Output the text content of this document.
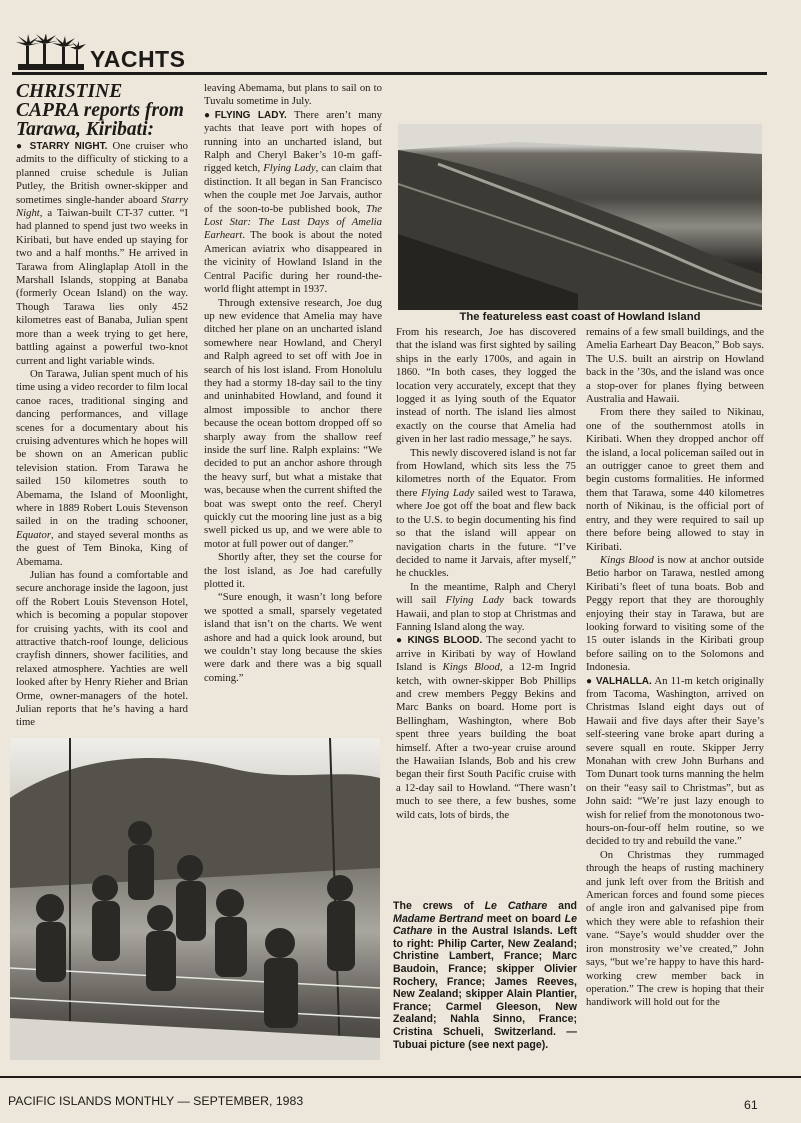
YACHTS
CHRISTINE CAPRA reports from Tarawa, Kiribati:

● STARRY NIGHT. One cruiser who admits to the difficulty of sticking to a planned cruise schedule is Julian Putley, the British owner-skipper and sometimes single-hander aboard Starry Night, a Taiwan-built CT-37 cutter. “I had planned to spend just two weeks in Kiribati, but have ended up staying for two and a half months.” He arrived in Tarawa from Alinglaplap Atoll in the Marshall Islands, stopping at Banaba (formerly Ocean Island) on the way. Though Tarawa lies only 452 kilometres east of Banaba, Julian spent more than a week trying to get here, battling against a powerful two-knot current and light variable winds.

On Tarawa, Julian spent much of his time using a video recorder to film local canoe races, traditional singing and dancing performances, and village scenes for a documentary about his cruising adventures which he hopes will be shown on an American public television station. From Tarawa he sailed 150 kilometres south to Abemama, the Island of Moonlight, where in 1889 Robert Louis Stevenson sailed in on the trading schooner, Equator, and stayed several months as the guest of Tem Binoka, King of Abemama.

Julian has found a comfortable and secure anchorage inside the lagoon, just off the Robert Louis Stevenson Hotel, which is becoming a popular stopover for cruising yachts, with its cool and attractive thatch-roof lounge, delicious crayfish dinners, shower facilities, and relaxed atmosphere. Yachties are well looked after by Henry Rieher and Brian Orme, owner-managers of the hotel. Julian reports that he’s having a hard time

leaving Abemama, but plans to sail on to Tuvalu sometime in July.

●FLYING LADY. There aren’t many yachts that leave port with hopes of running into an uncharted island, but Ralph and Cheryl Baker’s 10-m gaff-rigged ketch, Flying Lady, can claim that distinction. It all began in San Francisco when the couple met Joe Jarvais, author of the soon-to-be published book, The Lost Star: The Last Days of Amelia Earheart. The book is about the noted American aviatrix who disappeared in the vicinity of Howland Island in the Central Pacific during her round-the-world flight attempt in 1937.

Through extensive research, Joe dug up new evidence that Amelia may have ditched her plane on an uncharted island somewhere near Howland, and Cheryl and Ralph agreed to set off with Joe in search of his lost island. From Honolulu they had a stormy 18-day sail to the tiny and uninhabited Howland, and found it almost impossible to anchor there because the ocean bottom dropped off so sharply away from the shallow reef inside the surf line. Ralph explains: “We decided to put an anchor ashore through the heavy surf, but what a mistake that was, because when the current shifted the boat was swept onto the reef. Cheryl quickly cut the mooring line just as a big swell picked us up, and we were able to motor at full power out of danger.”

Shortly after, they set the course for the lost island, as Joe had carefully plotted it.

“Sure enough, it wasn’t long before we spotted a small, sparsely vegetated island that isn’t on the charts. We went ashore and had a quick look around, but we couldn’t stay long because the skies were dark and there was a big squall coming.”

The featureless east coast of Howland Island

From his research, Joe has discovered that the island was first sighted by sailing ships in the early 1700s, and again in 1860. “In both cases, they logged the location very accurately, except that they logged it as lying south of the Equator instead of north. The island lies almost exactly on the course that Amelia had given in her last radio message,” he says.

This newly discovered island is not far from Howland, which sits less the 75 kilometres north of the Equator. From there Flying Lady sailed west to Tarawa, where Joe got off the boat and flew back to the U.S. to begin documenting his find so that the island will appear on navigation charts in the future. “I’ve decided to name it Jarvais, after myself,” he chuckles.

In the meantime, Ralph and Cheryl will sail Flying Lady back towards Hawaii, and plan to stop at Christmas and Fanning Island along the way.

● KINGS BLOOD. The second yacht to arrive in Kiribati by way of Howland Island is Kings Blood, a 12-m Ingrid ketch, with owner-skipper Bob Phillips and crew members Peggy Bekins and Marc Banks on board. Home port is Bellingham, Washington, where Bob spent three years building the boat himself. After a two-year cruise around the Hawaiian Islands, Bob and his crew began their first South Pacific cruise with a 12-day sail to Howland. “There wasn’t much to see there, a few bushes, some wild cats, lots of birds, the

The crews of Le Cathare and Madame Bertrand meet on board Le Cathare in the Austral Islands. Left to right: Philip Carter, New Zealand; Christine Lambert, France; Marc Baudoin, France; skipper Olivier Rochery, France; James Reeves, New Zealand; skipper Alain Plantier, France; Carmel Gleeson, New Zealand; Nahla Sinno, France; Cristina Schueli, Switzerland. — Tubuai picture (see next page).

remains of a few small buildings, and the Amelia Earheart Day Beacon,” Bob says. The U.S. built an airstrip on Howland back in the ’30s, and the island was once a stop-over for planes flying between Australia and Hawaii.

From there they sailed to Nikinau, one of the southernmost atolls in Kiribati. When they dropped anchor off the island, a local policeman sailed out in an outrigger canoe to greet them and begin customs formalities. He informed them that Tarawa, some 440 kilometres north of Nikinau, is the official port of entry, and they were required to sail up there before being allowed to stay in Kiribati.

Kings Blood is now at anchor outside Betio harbor on Tarawa, nestled among Kiribati’s fleet of tuna boats. Bob and Peggy report that they are thoroughly enjoying their stay in Tarawa, but are looking forward to visiting some of the 15 outer islands in the Kiribati group before sailing on to the Solomons and Indonesia.

● VALHALLA. An 11-m ketch originally from Tacoma, Washington, arrived on Christmas Island eight days out of Hawaii and five days after their Saye’s self-steering vane broke apart during a severe squall en route. Skipper Jerry Monahan with crew John Burhans and Tom Dunart took turns manning the helm on their “easy sail to Christmas”, but as John said: “We’re just lazy enough to wish for relief from the monotonous two-hours-on-four-off helm routine, so we decided to try and rebuild the vane.”

On Christmas they rummaged through the heaps of rusting machinery and junk left over from the British and American forces and found some pieces of angle iron and galvanised pipe from which they were able to refashion their vane. “Saye’s would shudder over the iron monstrosity we’ve created,” John says, “but we’re happy to have this hard-working crew member back in operation.” The crew is hoping that their handiwork will hold out for the

PACIFIC ISLANDS MONTHLY — SEPTEMBER, 1983	61
